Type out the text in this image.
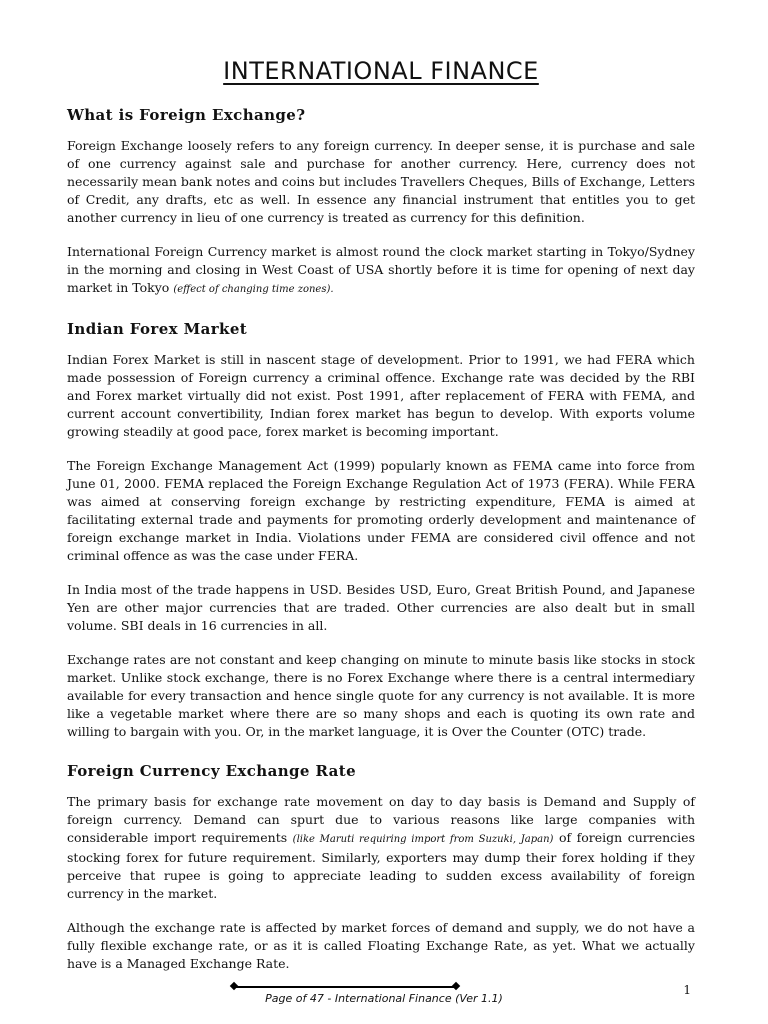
INTERNATIONAL FINANCE
What is Foreign Exchange?

Foreign Exchange loosely refers to any foreign currency. In deeper sense, it is purchase and sale of one currency against sale and purchase for another currency. Here, currency does not necessarily mean bank notes and coins but includes Travellers Cheques, Bills of Exchange, Letters of Credit, any drafts, etc as well. In essence any financial instrument that entitles you to get another currency in lieu of one currency is treated as currency for this definition.

International Foreign Currency market is almost round the clock market starting in Tokyo/Sydney in the morning and closing in West Coast of USA shortly before it is time for opening of next day market in Tokyo (effect of changing time zones).

Indian Forex Market

Indian Forex Market is still in nascent stage of development. Prior to 1991, we had FERA which made possession of Foreign currency a criminal offence. Exchange rate was decided by the RBI and Forex market virtually did not exist. Post 1991, after replacement of FERA with FEMA, and current account convertibility, Indian forex market has begun to develop. With exports volume growing steadily at good pace, forex market is becoming important.

The Foreign Exchange Management Act (1999) popularly known as FEMA came into force from June 01, 2000. FEMA replaced the Foreign Exchange Regulation Act of 1973 (FERA). While FERA was aimed at conserving foreign exchange by restricting expenditure, FEMA is aimed at facilitating external trade and payments for promoting orderly development and maintenance of foreign exchange market in India. Violations under FEMA are considered civil offence and not criminal offence as was the case under FERA.

In India most of the trade happens in USD. Besides USD, Euro, Great British Pound, and Japanese Yen are other major currencies that are traded. Other currencies are also dealt but in small volume. SBI deals in 16 currencies in all.

Exchange rates are not constant and keep changing on minute to minute basis like stocks in stock market. Unlike stock exchange, there is no Forex Exchange where there is a central intermediary available for every transaction and hence single quote for any currency is not available. It is more like a vegetable market where there are so many shops and each is quoting its own rate and willing to bargain with you. Or, in the market language, it is Over the Counter (OTC) trade.

Foreign Currency Exchange Rate

The primary basis for exchange rate movement on day to day basis is Demand and Supply of foreign currency. Demand can spurt due to various reasons like large companies with considerable import requirements (like Maruti requiring import from Suzuki, Japan) of foreign currencies stocking forex for future requirement. Similarly, exporters may dump their forex holding if they perceive that rupee is going to appreciate leading to sudden excess availability of foreign currency in the market.

Although the exchange rate is affected by market forces of demand and supply, we do not have a fully flexible exchange rate, or as it is called Floating Exchange Rate, as yet. What we actually have is a Managed Exchange Rate.

Page of 47 - International Finance (Ver 1.1)
1
